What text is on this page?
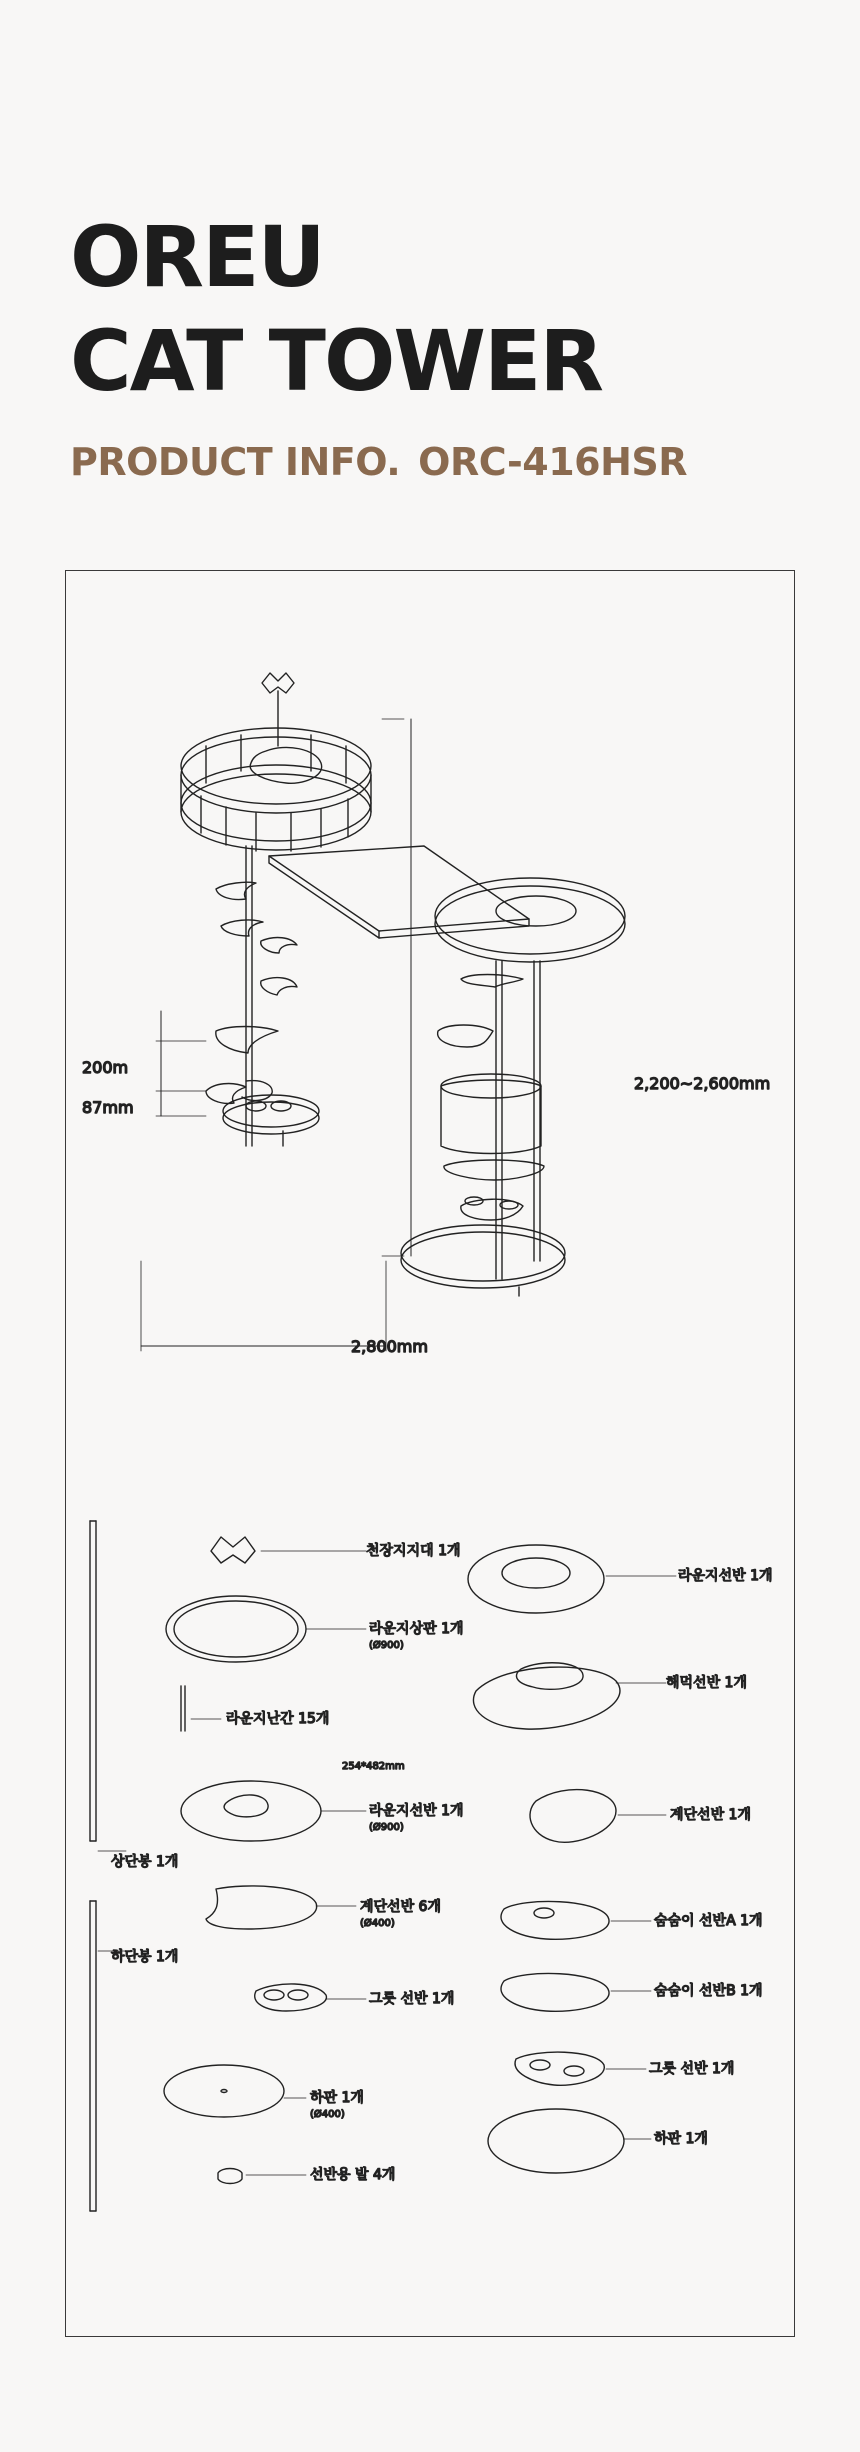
OREU
CAT TOWER
PRODUCT INFO. ORC-416HSR
200m
87mm
2,200~2,600mm
2,800mm
상단봉 1개
하단봉 1개
천장지지대 1개
라운지상판 1개
(Ø900)
라운지난간 15개
254*482mm
라운지선반 1개
(Ø900)
계단선반 6개
(Ø400)
그릇 선반 1개
하판 1개
(Ø400)
선반용 발 4개
라운지선반 1개
해먹선반 1개
계단선반 1개
숨숨이 선반A 1개
숨숨이 선반B 1개
그릇 선반 1개
하판 1개
